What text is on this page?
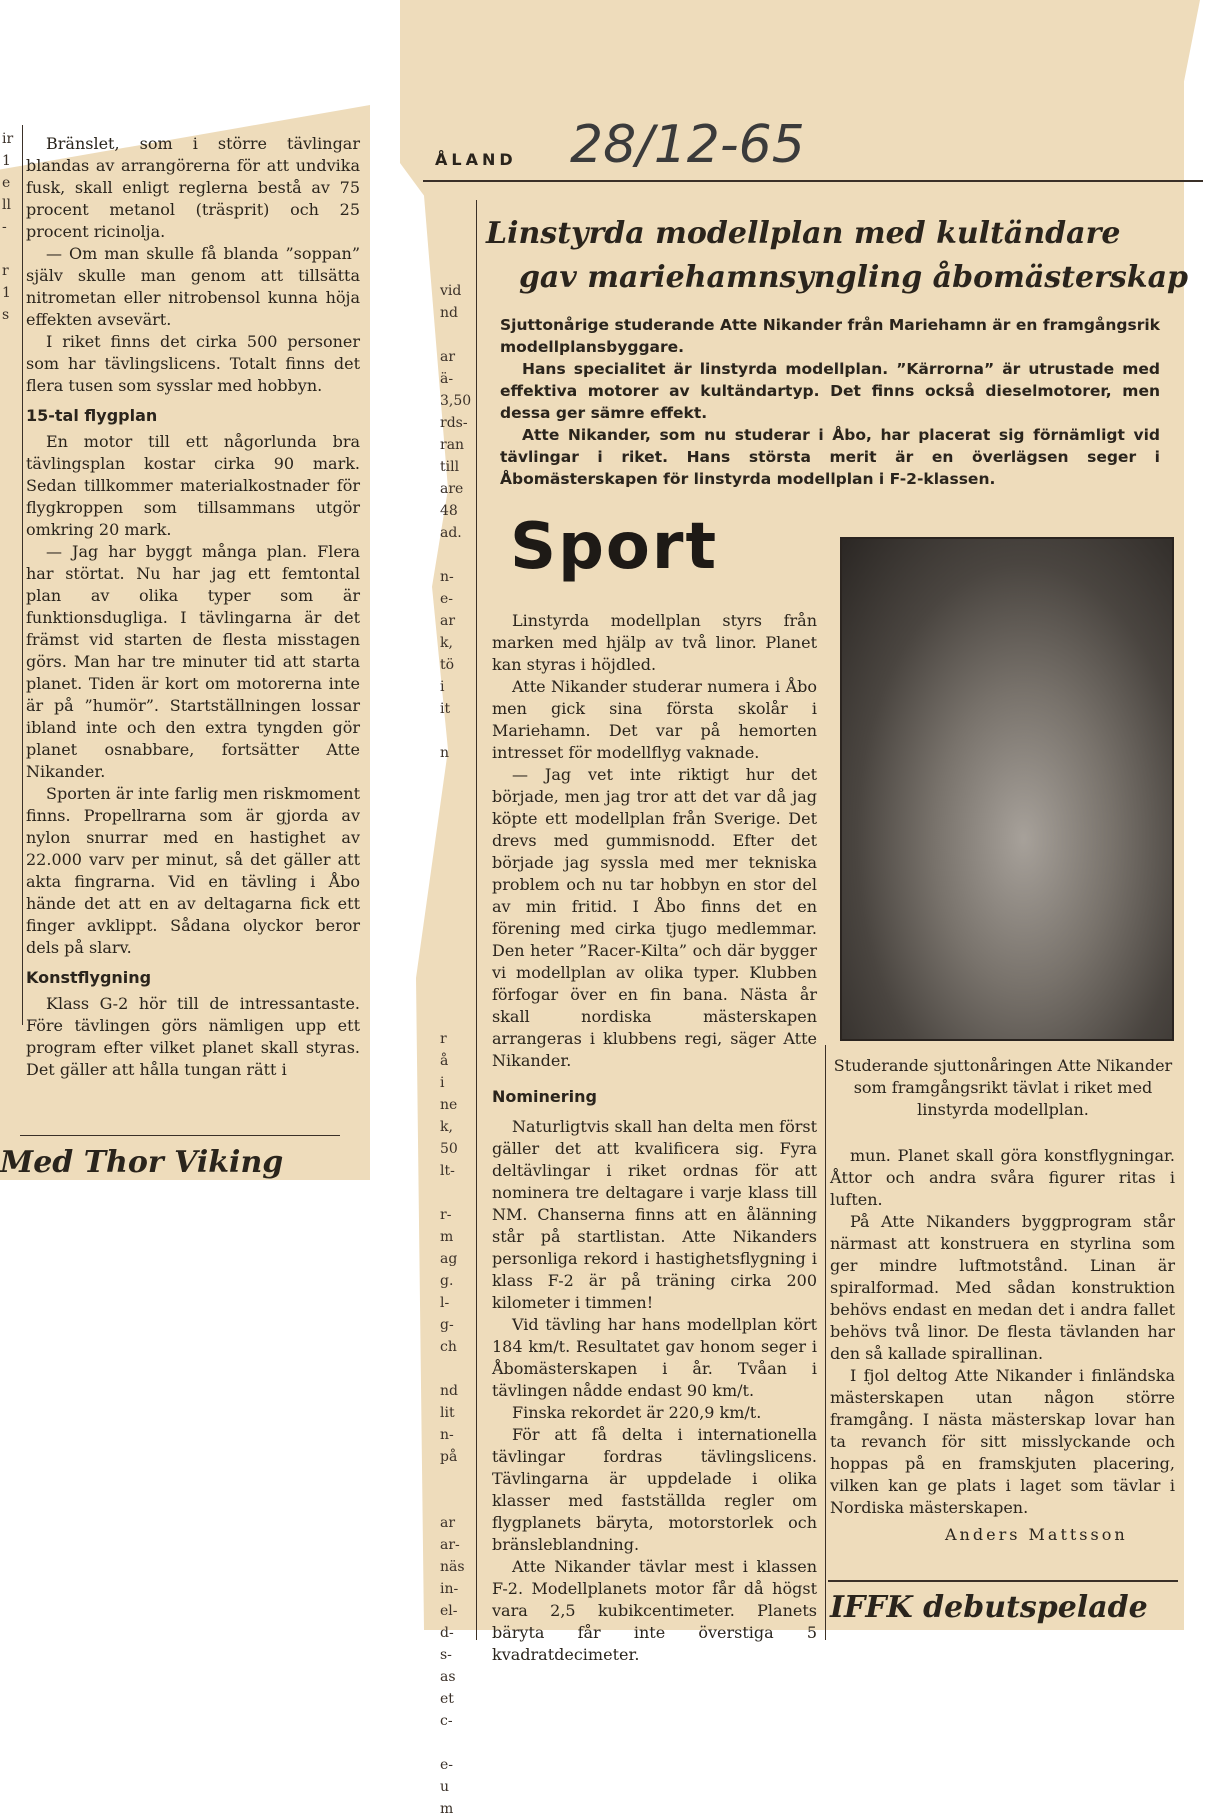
ir
1
e
ll
-

r
1
s

Bränslet, som i större tävlingar blandas av arrangörerna för att undvika fusk, skall enligt reglerna bestå av 75 procent metanol (träsprit) och 25 procent ricinolja.

— Om man skulle få blanda ”soppan” själv skulle man genom att tillsätta nitrometan eller nitrobensol kunna höja effekten avsevärt.

I riket finns det cirka 500 personer som har tävlingslicens. Totalt finns det flera tusen som sysslar med hobbyn.

15-tal flygplan

En motor till ett någorlunda bra tävlingsplan kostar cirka 90 mark. Sedan tillkommer materialkostnader för flygkroppen som tillsammans utgör omkring 20 mark.

— Jag har byggt många plan. Flera har störtat. Nu har jag ett femtontal plan av olika typer som är funktionsdugliga. I tävlingarna är det främst vid starten de flesta misstagen görs. Man har tre minuter tid att starta planet. Tiden är kort om motorerna inte är på ”humör”. Startställningen lossar ibland inte och den extra tyngden gör planet osnabbare, fortsätter Atte Nikander.

Sporten är inte farlig men riskmoment finns. Propellrarna som är gjorda av nylon snurrar med en hastighet av 22.000 varv per minut, så det gäller att akta fingrarna. Vid en tävling i Åbo hände det att en av deltagarna fick ett finger avklippt. Sådana olyckor beror dels på slarv.

Konstflygning

Klass G-2 hör till de intressantaste. Före tävlingen görs nämligen upp ett program efter vilket planet skall styras. Det gäller att hålla tungan rätt i

Med Thor Viking
vid
nd

ar
ä-
3,50
rds-
ran
till
are
48
ad.

n-
e-
ar
k,
tö
i
it

n

r
å
i
ne
k,
50
lt-

r-
m
ag
g.
l-
g-
ch

nd
lit
n-
på

ar
ar-
näs
in-
el-
d-
s-
as
et
c-

e-
u
m
ÅLAND 28/12-65
Linstyrda modellplan med kultändare
gav mariehamnsyngling åbomästerskap

Sjuttonårige studerande Atte Nikander från Mariehamn är en framgångsrik modellplansbyggare.

Hans specialitet är linstyrda modellplan. ”Kärrorna” är utrustade med effektiva motorer av kultändartyp. Det finns också dieselmotorer, men dessa ger sämre effekt.

Atte Nikander, som nu studerar i Åbo, har placerat sig förnämligt vid tävlingar i riket. Hans största merit är en överlägsen seger i Åbomästerskapen för linstyrda modellplan i F-2-klassen.

Sport

Linstyrda modellplan styrs från marken med hjälp av två linor. Planet kan styras i höjdled.

Atte Nikander studerar numera i Åbo men gick sina första skolår i Mariehamn. Det var på hemorten intresset för modellflyg vaknade.

— Jag vet inte riktigt hur det började, men jag tror att det var då jag köpte ett modellplan från Sverige. Det drevs med gummisnodd. Efter det började jag syssla med mer tekniska problem och nu tar hobbyn en stor del av min fritid. I Åbo finns det en förening med cirka tjugo medlemmar. Den heter ”Racer-Kilta” och där bygger vi modellplan av olika typer. Klubben förfogar över en fin bana. Nästa år skall nordiska mästerskapen arrangeras i klubbens regi, säger Atte Nikander.

Nominering

Naturligtvis skall han delta men först gäller det att kvalificera sig. Fyra deltävlingar i riket ordnas för att nominera tre deltagare i varje klass till NM. Chanserna finns att en ålänning står på startlistan. Atte Nikanders personliga rekord i hastighetsflygning i klass F-2 är på träning cirka 200 kilometer i timmen!

Vid tävling har hans modellplan kört 184 km/t. Resultatet gav honom seger i Åbomästerskapen i år. Tvåan i tävlingen nådde endast 90 km/t.

Finska rekordet är 220,9 km/t.

För att få delta i internationella tävlingar fordras tävlingslicens. Tävlingarna är uppdelade i olika klasser med fastställda regler om flygplanets bäryta, motorstorlek och bränsleblandning.

Atte Nikander tävlar mest i klassen F-2. Modellplanets motor får då högst vara 2,5 kubikcentimeter. Planets bäryta får inte överstiga 5 kvadratdecimeter.

Studerande sjuttonåringen Atte Nikander som framgångsrikt tävlat i riket med linstyrda modellplan.

mun. Planet skall göra konstflygningar. Åttor och andra svåra figurer ritas i luften.

På Atte Nikanders byggprogram står närmast att konstruera en styrlina som ger mindre luftmotstånd. Linan är spiralformad. Med sådan konstruktion behövs endast en medan det i andra fallet behövs två linor. De flesta tävlanden har den så kallade spirallinan.

I fjol deltog Atte Nikander i finländska mästerskapen utan någon större framgång. I nästa mästerskap lovar han ta revanch för sitt misslyckande och hoppas på en framskjuten placering, vilken kan ge plats i laget som tävlar i Nordiska mästerskapen.

Anders Mattsson
IFFK debutspelade
